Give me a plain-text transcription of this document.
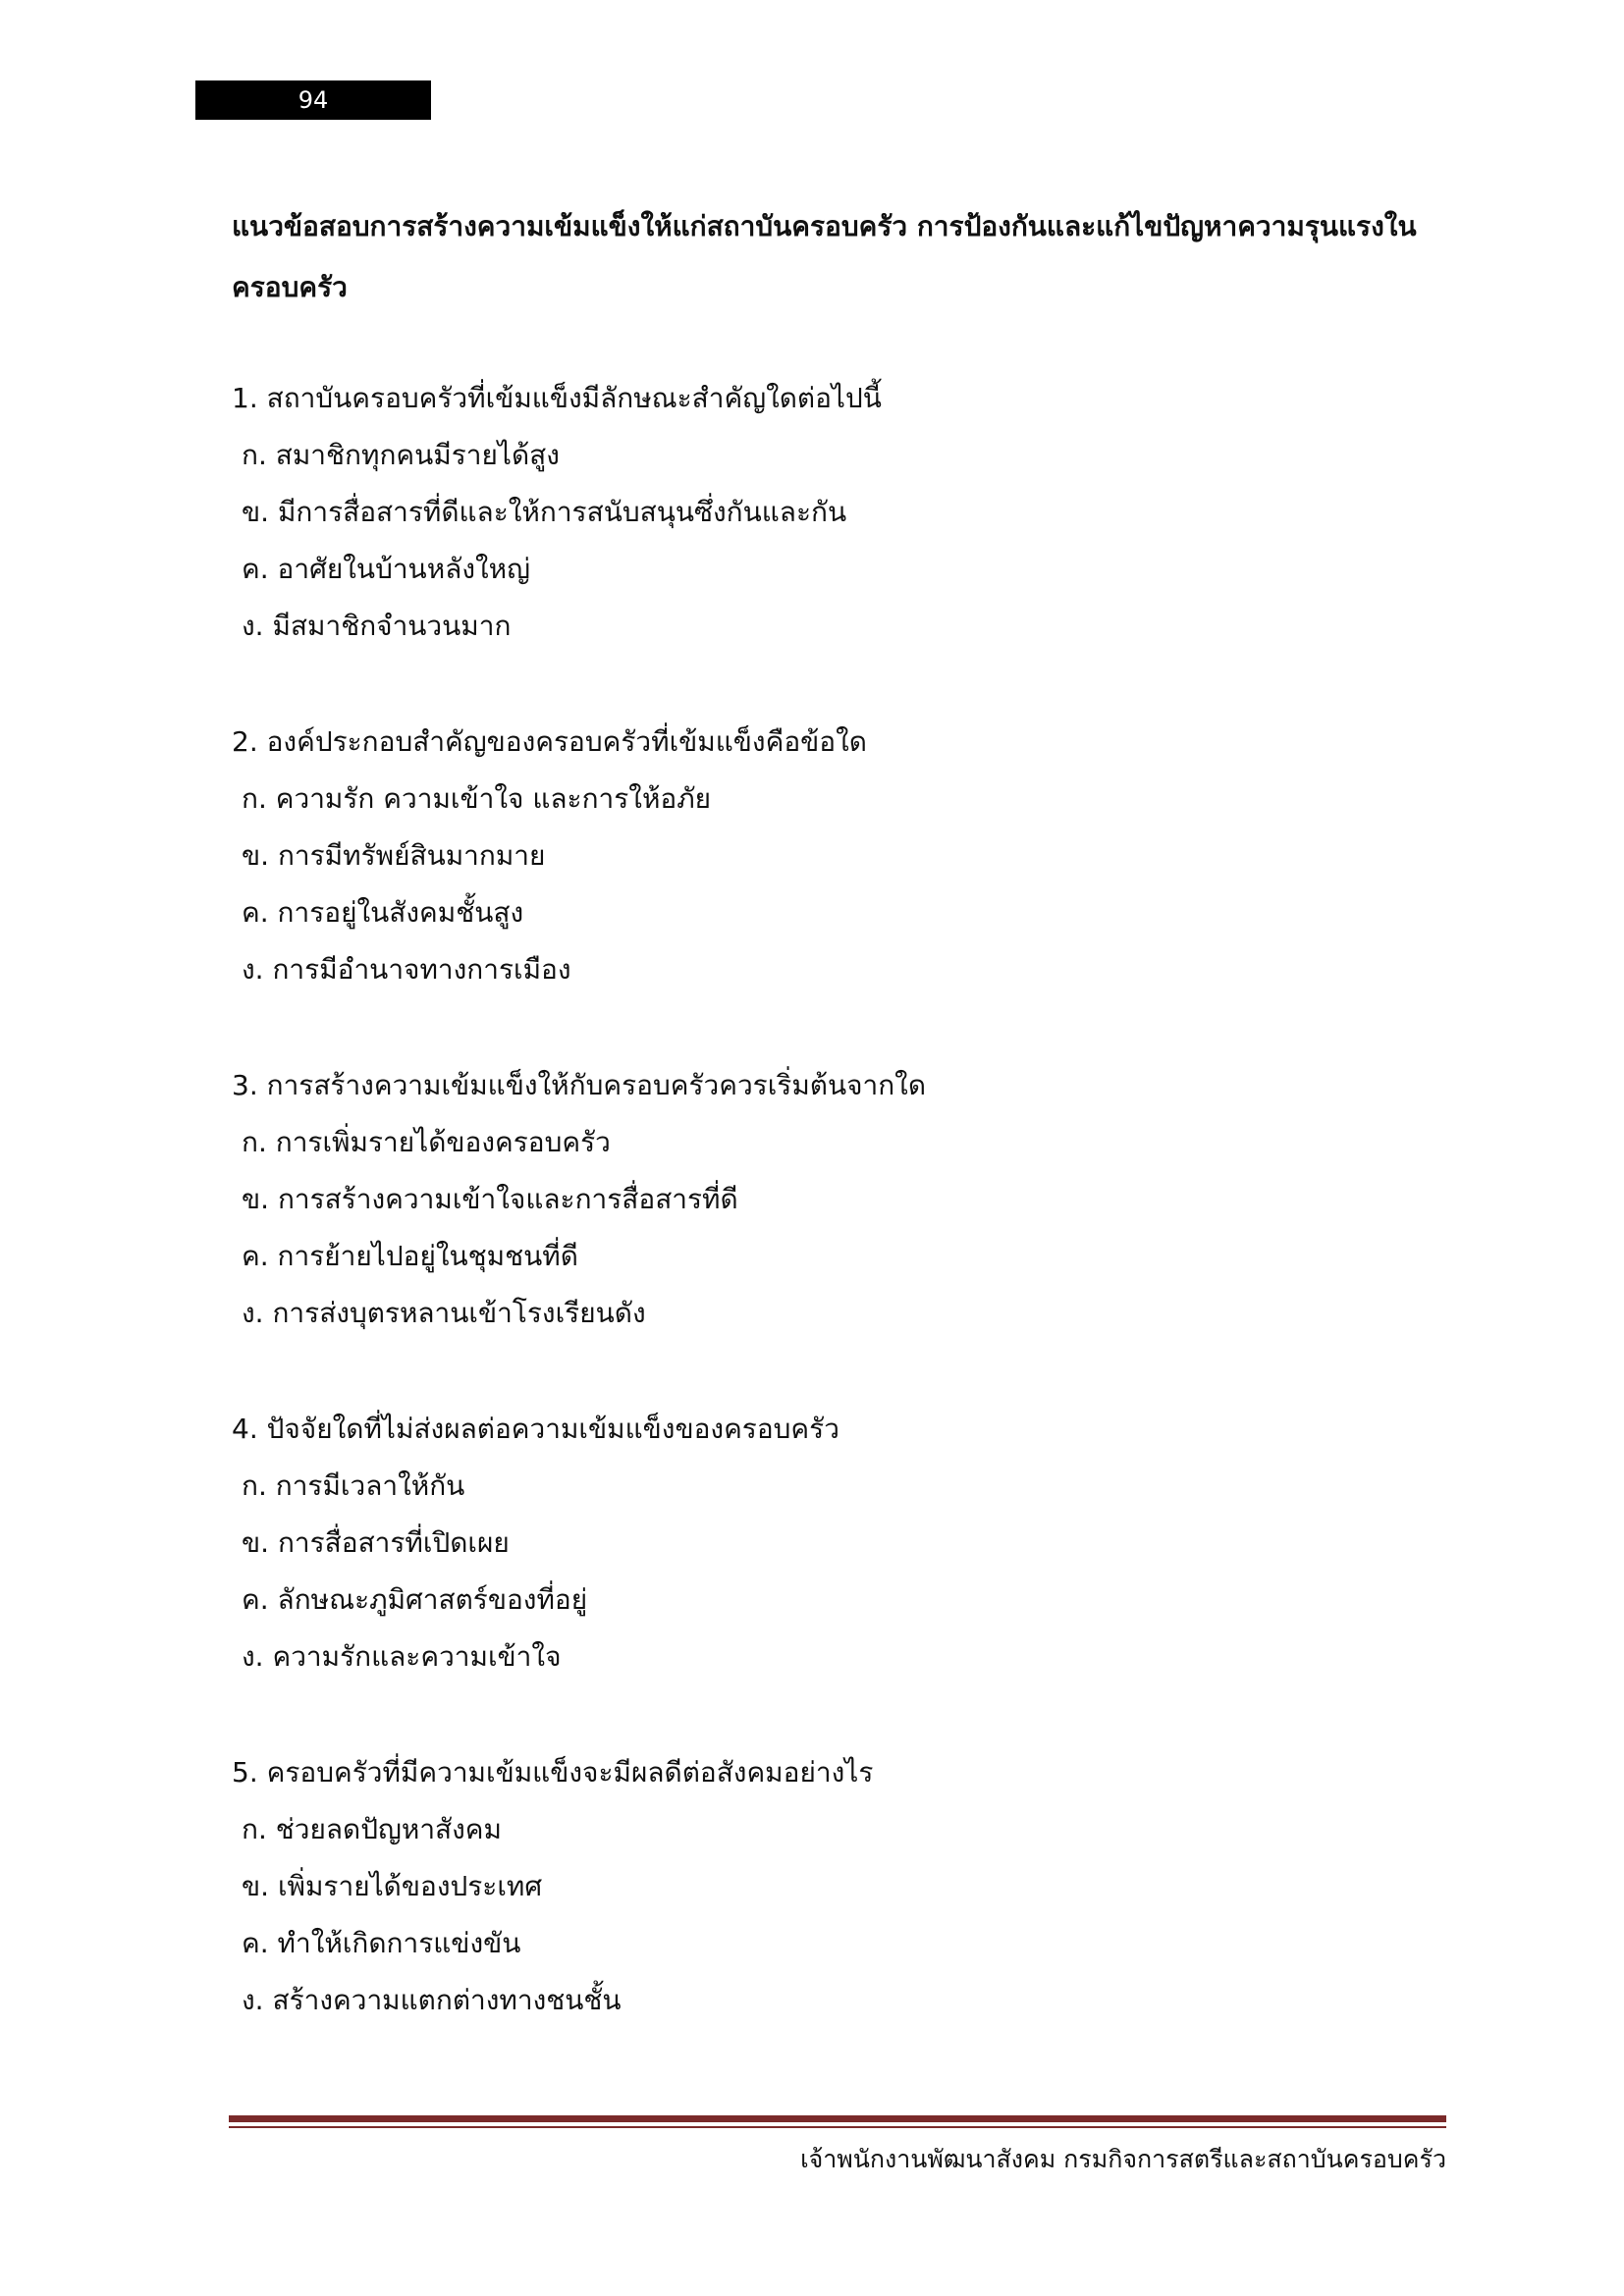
94
แนวข้อสอบการสร้างความเข้มแข็งให้แก่สถาบันครอบครัว การป้องกันและแก้ไขปัญหาความรุนแรงใน
ครอบครัว
1. สถาบันครอบครัวที่เข้มแข็งมีลักษณะสำคัญใดต่อไปนี้
ก. สมาชิกทุกคนมีรายได้สูง
ข. มีการสื่อสารที่ดีและให้การสนับสนุนซึ่งกันและกัน
ค. อาศัยในบ้านหลังใหญ่
ง. มีสมาชิกจำนวนมาก
2. องค์ประกอบสำคัญของครอบครัวที่เข้มแข็งคือข้อใด
ก. ความรัก ความเข้าใจ และการให้อภัย
ข. การมีทรัพย์สินมากมาย
ค. การอยู่ในสังคมชั้นสูง
ง. การมีอำนาจทางการเมือง
3. การสร้างความเข้มแข็งให้กับครอบครัวควรเริ่มต้นจากใด
ก. การเพิ่มรายได้ของครอบครัว
ข. การสร้างความเข้าใจและการสื่อสารที่ดี
ค. การย้ายไปอยู่ในชุมชนที่ดี
ง. การส่งบุตรหลานเข้าโรงเรียนดัง
4. ปัจจัยใดที่ไม่ส่งผลต่อความเข้มแข็งของครอบครัว
ก. การมีเวลาให้กัน
ข. การสื่อสารที่เปิดเผย
ค. ลักษณะภูมิศาสตร์ของที่อยู่
ง. ความรักและความเข้าใจ
5. ครอบครัวที่มีความเข้มแข็งจะมีผลดีต่อสังคมอย่างไร
ก. ช่วยลดปัญหาสังคม
ข. เพิ่มรายได้ของประเทศ
ค. ทำให้เกิดการแข่งขัน
ง. สร้างความแตกต่างทางชนชั้น
เจ้าพนักงานพัฒนาสังคม กรมกิจการสตรีและสถาบันครอบครัว
